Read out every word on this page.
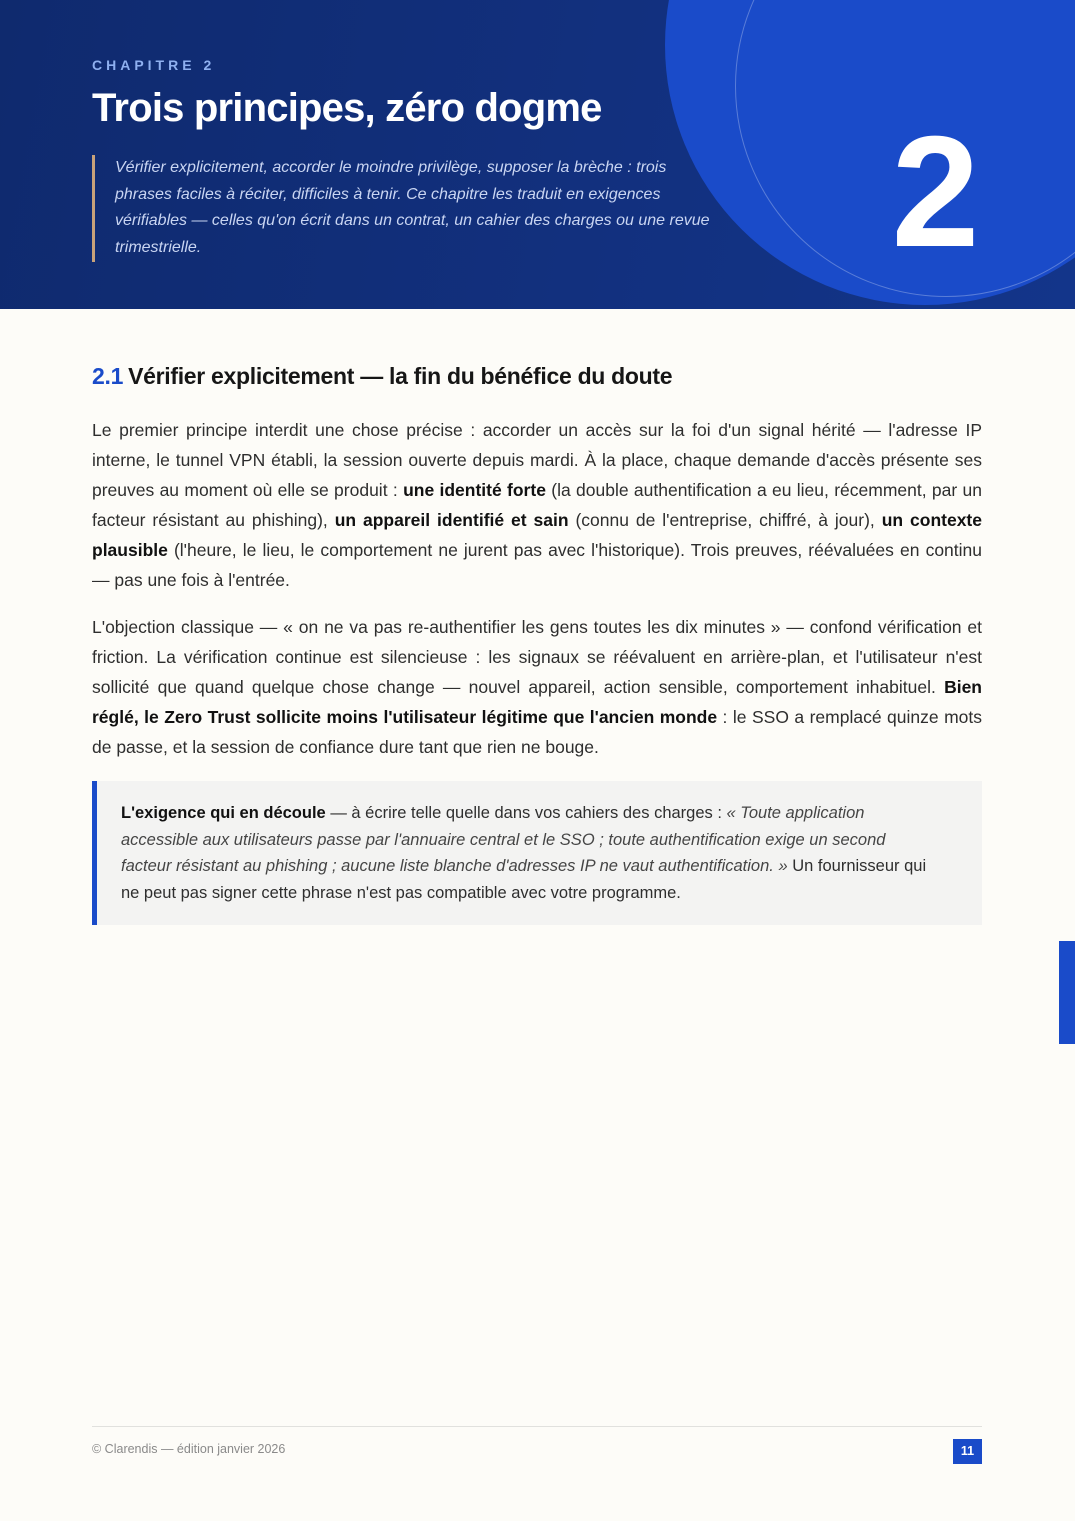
CHAPITRE 2
Trois principes, zéro dogme
Vérifier explicitement, accorder le moindre privilège, supposer la brèche : trois phrases faciles à réciter, difficiles à tenir. Ce chapitre les traduit en exigences vérifiables — celles qu'on écrit dans un contrat, un cahier des charges ou une revue trimestrielle.	2
2.1 Vérifier explicitement — la fin du bénéfice du doute

Le premier principe interdit une chose précise : accorder un accès sur la foi d'un signal hérité — l'adresse IP interne, le tunnel VPN établi, la session ouverte depuis mardi. À la place, chaque demande d'accès présente ses preuves au moment où elle se produit : une identité forte (la double authentification a eu lieu, récemment, par un facteur résistant au phishing), un appareil identifié et sain (connu de l'entreprise, chiffré, à jour), un contexte plausible (l'heure, le lieu, le comportement ne jurent pas avec l'historique). Trois preuves, réévaluées en continu — pas une fois à l'entrée.

L'objection classique — « on ne va pas re-authentifier les gens toutes les dix minutes » — confond vérification et friction. La vérification continue est silencieuse : les signaux se réévaluent en arrière-plan, et l'utilisateur n'est sollicité que quand quelque chose change — nouvel appareil, action sensible, comportement inhabituel. Bien réglé, le Zero Trust sollicite moins l'utilisateur légitime que l'ancien monde : le SSO a remplacé quinze mots de passe, et la session de confiance dure tant que rien ne bouge.

L'exigence qui en découle — à écrire telle quelle dans vos cahiers des charges : « Toute application accessible aux utilisateurs passe par l'annuaire central et le SSO ; toute authentification exige un second facteur résistant au phishing ; aucune liste blanche d'adresses IP ne vaut authentification. » Un fournisseur qui ne peut pas signer cette phrase n'est pas compatible avec votre programme.
© Clarendis — édition janvier 2026	11
